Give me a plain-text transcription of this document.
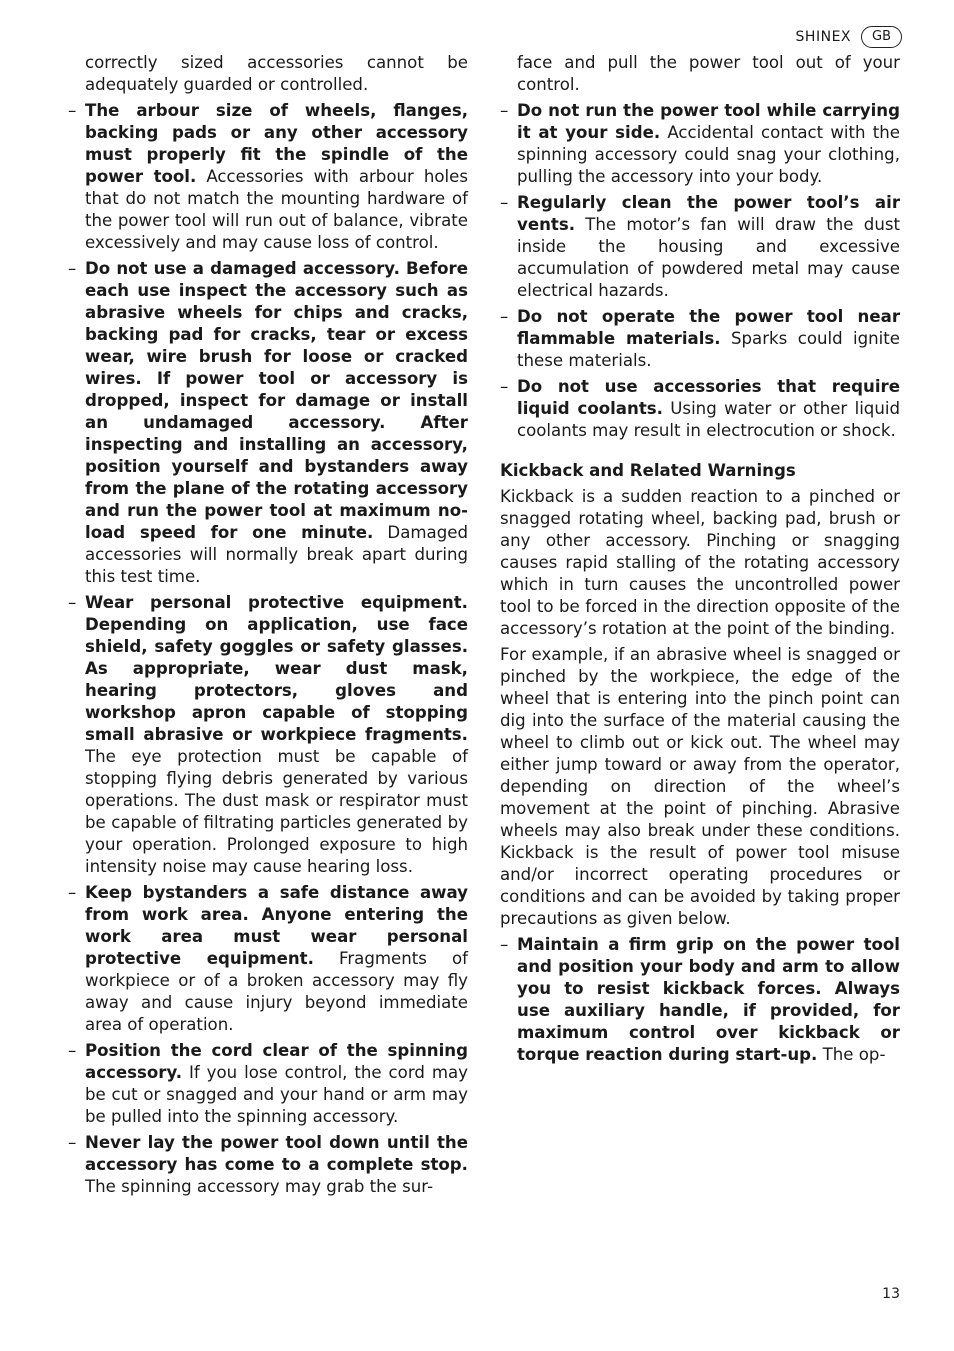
SHINEX	GB
correctly sized accessories cannot be adequately guarded or controlled.
– The arbour size of wheels, flanges, backing pads or any other accessory must properly fit the spindle of the power tool. Accessories with arbour holes that do not match the mounting hardware of the power tool will run out of balance, vibrate excessively and may cause loss of control.
– Do not use a damaged accessory. Before each use inspect the accessory such as abrasive wheels for chips and cracks, backing pad for cracks, tear or excess wear, wire brush for loose or cracked wires. If power tool or accessory is dropped, inspect for damage or install an undamaged accessory. After inspecting and installing an accessory, position yourself and bystanders away from the plane of the rotating accessory and run the power tool at maximum no-load speed for one minute. Damaged accessories will normally break apart during this test time.
– Wear personal protective equipment. Depending on application, use face shield, safety goggles or safety glasses. As appropriate, wear dust mask, hearing protectors, gloves and workshop apron capable of stopping small abrasive or workpiece fragments. The eye protection must be capable of stopping flying debris generated by various operations. The dust mask or respirator must be capable of filtrating particles generated by your operation. Prolonged exposure to high intensity noise may cause hearing loss.
– Keep bystanders a safe distance away from work area. Anyone entering the work area must wear personal protective equipment. Fragments of workpiece or of a broken accessory may fly away and cause injury beyond immediate area of operation.
– Position the cord clear of the spinning accessory. If you lose control, the cord may be cut or snagged and your hand or arm may be pulled into the spinning accessory.
– Never lay the power tool down until the accessory has come to a complete stop. The spinning accessory may grab the sur-
face and pull the power tool out of your control.
– Do not run the power tool while carrying it at your side. Accidental contact with the spinning accessory could snag your clothing, pulling the accessory into your body.
– Regularly clean the power tool’s air vents. The motor’s fan will draw the dust inside the housing and excessive accumulation of powdered metal may cause electrical hazards.
– Do not operate the power tool near flammable materials. Sparks could ignite these materials.
– Do not use accessories that require liquid coolants. Using water or other liquid coolants may result in electrocution or shock.
Kickback and Related Warnings
Kickback is a sudden reaction to a pinched or snagged rotating wheel, backing pad, brush or any other accessory. Pinching or snagging causes rapid stalling of the rotating accessory which in turn causes the uncontrolled power tool to be forced in the direction opposite of the accessory’s rotation at the point of the binding.
For example, if an abrasive wheel is snagged or pinched by the workpiece, the edge of the wheel that is entering into the pinch point can dig into the surface of the material causing the wheel to climb out or kick out. The wheel may either jump toward or away from the operator, depending on direction of the wheel’s movement at the point of pinching. Abrasive wheels may also break under these conditions. Kickback is the result of power tool misuse and/or incorrect operating procedures or conditions and can be avoided by taking proper precautions as given below.
– Maintain a firm grip on the power tool and position your body and arm to allow you to resist kickback forces. Always use auxiliary handle, if provided, for maximum control over kickback or torque reaction during start-up. The op-
13
